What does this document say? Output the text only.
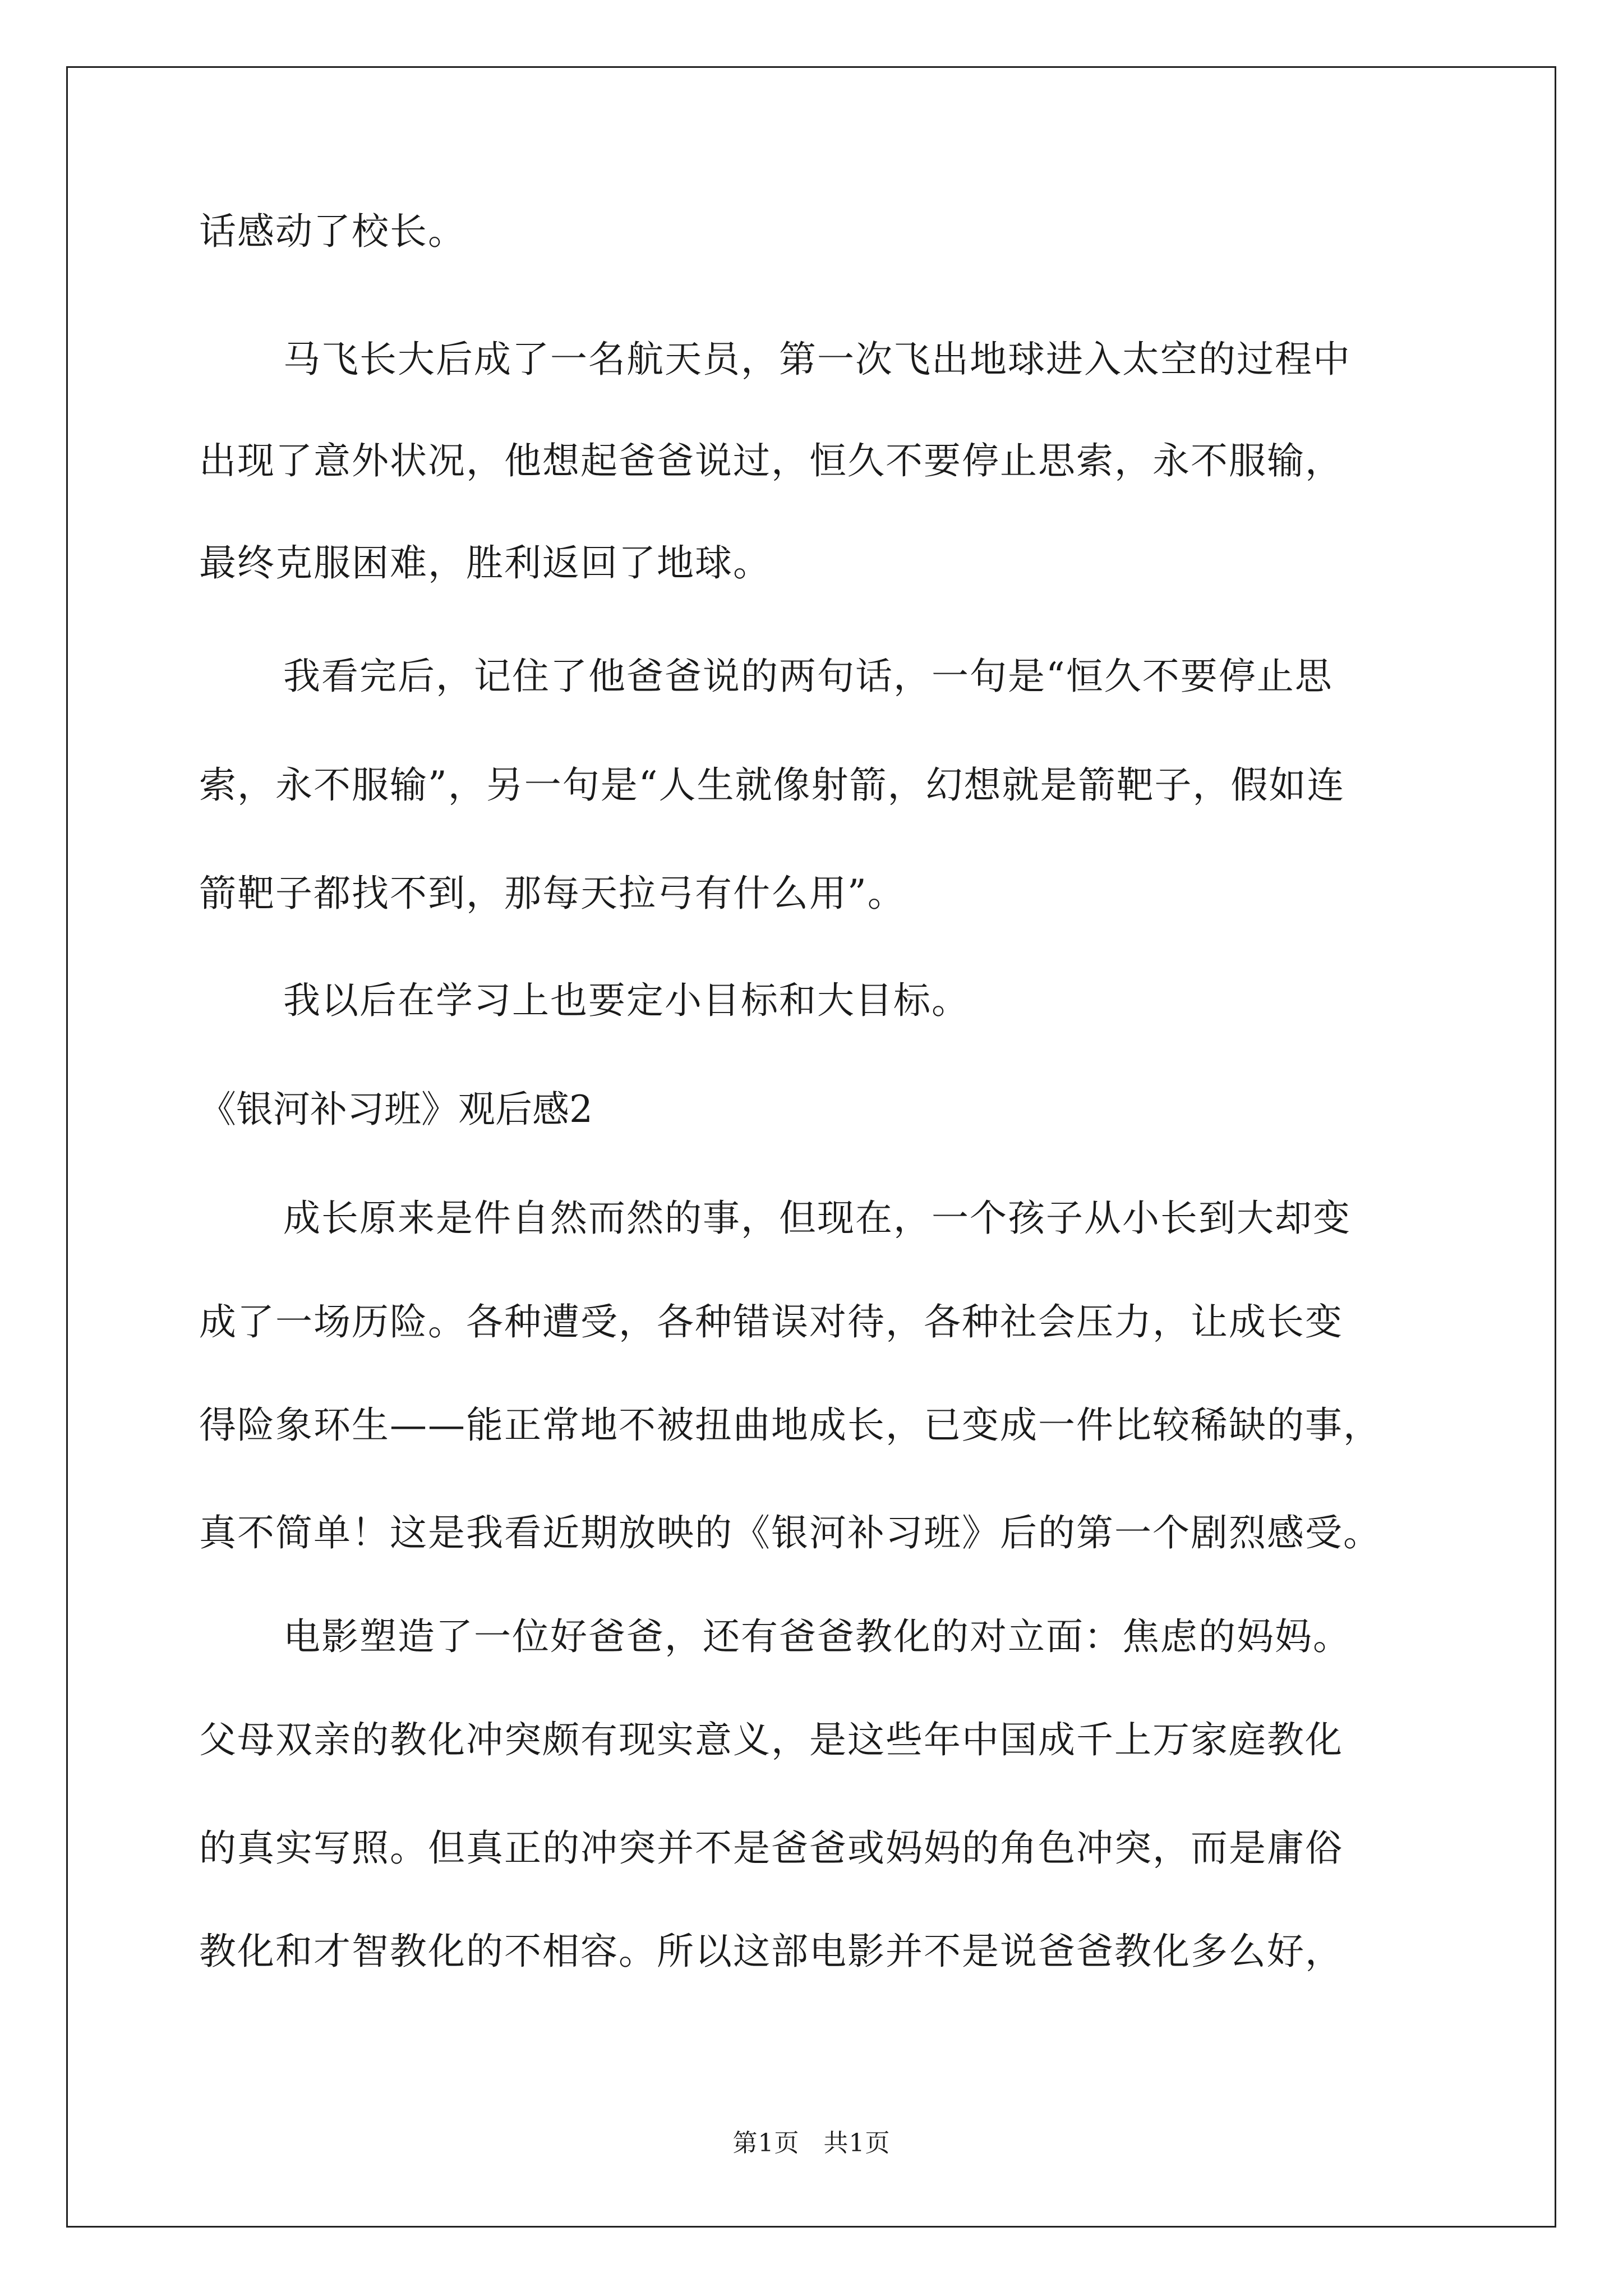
话感动了校长。
马飞长大后成了一名航天员，第一次飞出地球进入太空的过程中
出现了意外状况，他想起爸爸说过，恒久不要停止思索，永不服输，
最终克服困难，胜利返回了地球。
我看完后，记住了他爸爸说的两句话，一句是“恒久不要停止思
索，永不服输”，另一句是“人生就像射箭，幻想就是箭靶子，假如连
箭靶子都找不到，那每天拉弓有什么用”。
我以后在学习上也要定小目标和大目标。
《银河补习班》观后感2
成长原来是件自然而然的事，但现在，一个孩子从小长到大却变
成了一场历险。各种遭受，各种错误对待，各种社会压力，让成长变
得险象环生——能正常地不被扭曲地成长，已变成一件比较稀缺的事，
真不简单！这是我看近期放映的《银河补习班》后的第一个剧烈感受。
电影塑造了一位好爸爸，还有爸爸教化的对立面：焦虑的妈妈。
父母双亲的教化冲突颇有现实意义，是这些年中国成千上万家庭教化
的真实写照。但真正的冲突并不是爸爸或妈妈的角色冲突，而是庸俗
教化和才智教化的不相容。所以这部电影并不是说爸爸教化多么好，
第1页 共1页
